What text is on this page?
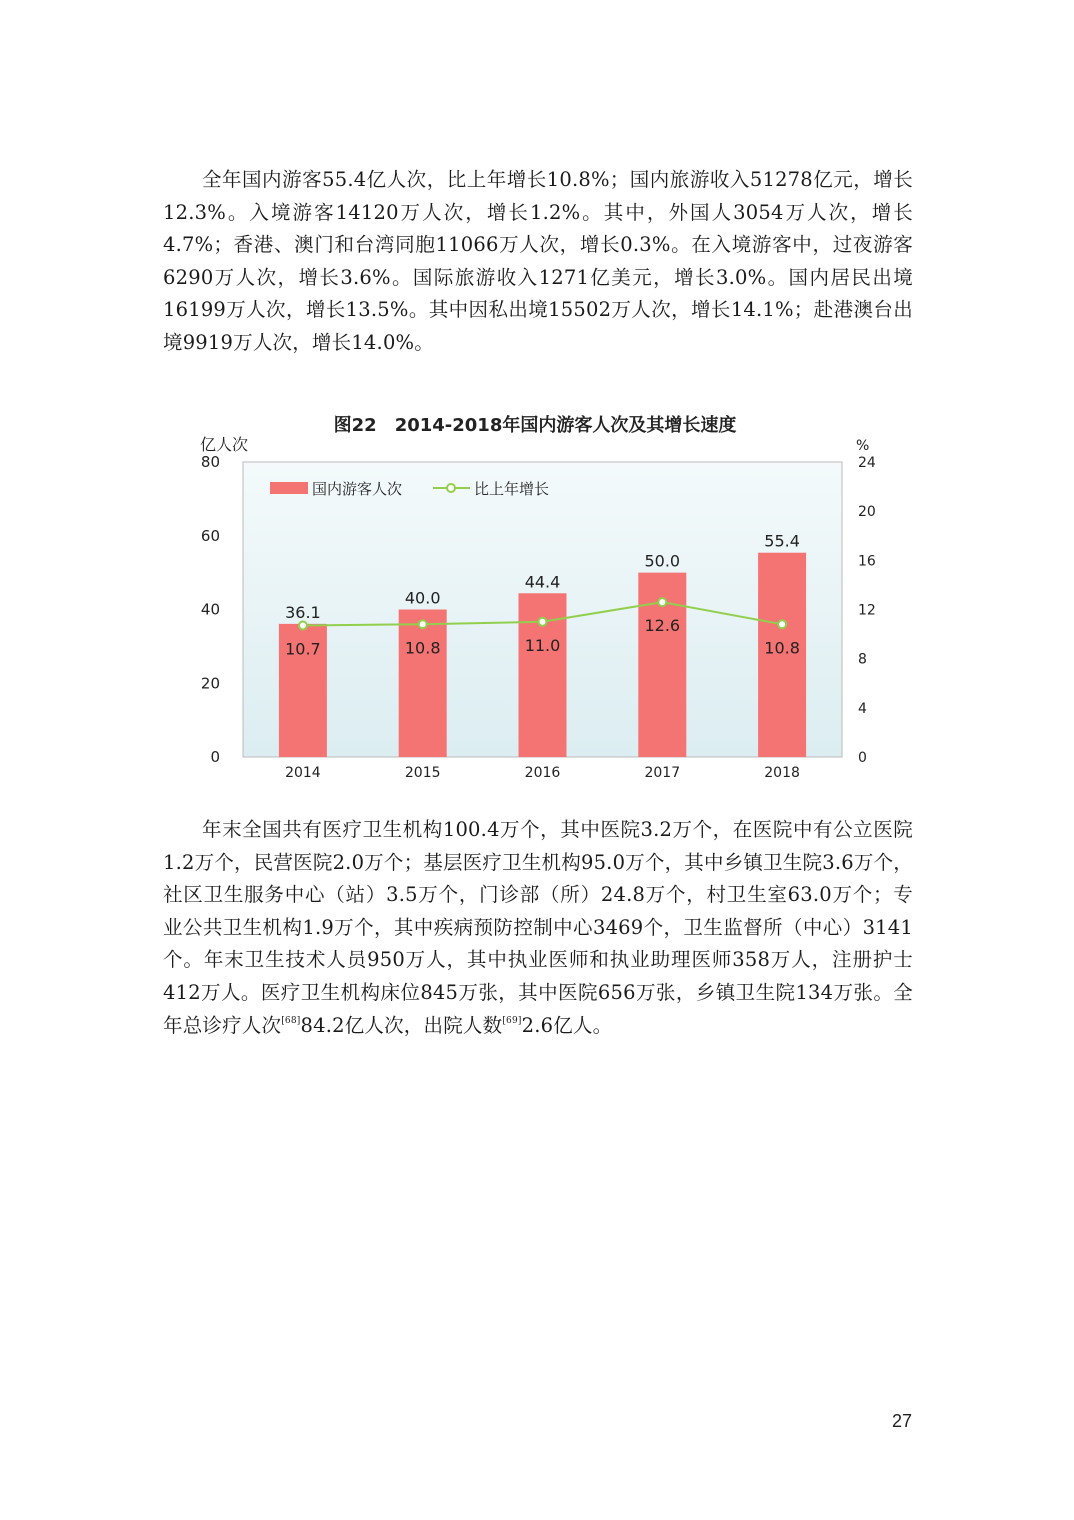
全年国内游客55.4亿人次，比上年增长10.8%；国内旅游收入51278亿元，增长12.3%。入境游客14120万人次，增长1.2%。其中，外国人3054万人次，增长4.7%；香港、澳门和台湾同胞11066万人次，增长0.3%。在入境游客中，过夜游客6290万人次，增长3.6%。国际旅游收入1271亿美元，增长3.0%。国内居民出境16199万人次，增长13.5%。其中因私出境15502万人次，增长14.1%；赴港澳台出境9919万人次，增长14.0%。

0
20
40
60
80
0
4
8
12
16
20
24
36.1
40.0
44.4
50.0
55.4
10.7	10.8	11.0
12.6
10.8
2014	2015	2016	2017	2018
图22　2014-2018年国内游客人次及其增长速度
亿人次	%
国内游客人次	比上年增长

年末全国共有医疗卫生机构100.4万个，其中医院3.2万个，在医院中有公立医院1.2万个，民营医院2.0万个；基层医疗卫生机构95.0万个，其中乡镇卫生院3.6万个，社区卫生服务中心（站）3.5万个，门诊部（所）24.8万个，村卫生室63.0万个；专业公共卫生机构1.9万个，其中疾病预防控制中心3469个，卫生监督所（中心）3141个。年末卫生技术人员950万人，其中执业医师和执业助理医师358万人，注册护士412万人。医疗卫生机构床位845万张，其中医院656万张，乡镇卫生院134万张。全年总诊疗人次[68]84.2亿人次，出院人数[69]2.6亿人。

27
